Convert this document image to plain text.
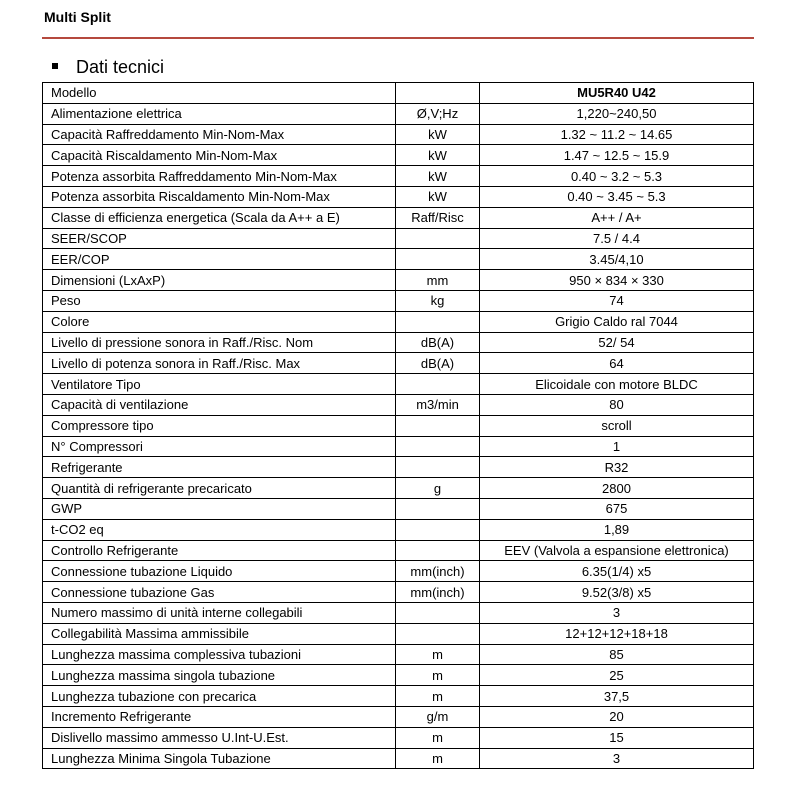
Multi Split
Dati tecnici
Modello		MU5R40 U42
Alimentazione elettrica	Ø,V;Hz	1,220~240,50
Capacità Raffreddamento Min-Nom-Max	kW	1.32 ~ 11.2 ~ 14.65
Capacità Riscaldamento Min-Nom-Max	kW	1.47 ~ 12.5 ~ 15.9
Potenza assorbita Raffreddamento Min-Nom-Max	kW	0.40 ~ 3.2 ~ 5.3
Potenza assorbita Riscaldamento Min-Nom-Max	kW	0.40 ~ 3.45 ~ 5.3
Classe di efficienza energetica (Scala da A++ a E)	Raff/Risc	A++ / A+
SEER/SCOP		7.5 / 4.4
EER/COP		3.45/4,10
Dimensioni (LxAxP)	mm	950 × 834 × 330
Peso	kg	74
Colore		Grigio Caldo ral 7044
Livello di pressione sonora in Raff./Risc. Nom	dB(A)	52/ 54
Livello di potenza sonora in Raff./Risc. Max	dB(A)	64
Ventilatore Tipo		Elicoidale con motore BLDC
Capacità di ventilazione	m3/min	80
Compressore tipo		scroll
N° Compressori		1
Refrigerante		R32
Quantità di refrigerante precaricato	g	2800
GWP		675
t-CO2 eq		1,89
Controllo Refrigerante		EEV (Valvola a espansione elettronica)
Connessione tubazione Liquido	mm(inch)	6.35(1/4) x5
Connessione tubazione Gas	mm(inch)	9.52(3/8) x5
Numero massimo di unità interne collegabili		3
Collegabilità Massima ammissibile		12+12+12+18+18
Lunghezza massima complessiva tubazioni	m	85
Lunghezza massima singola tubazione	m	25
Lunghezza tubazione con precarica	m	37,5
Incremento Refrigerante	g/m	20
Dislivello massimo ammesso U.Int-U.Est.	m	15
Lunghezza Minima Singola Tubazione	m	3
